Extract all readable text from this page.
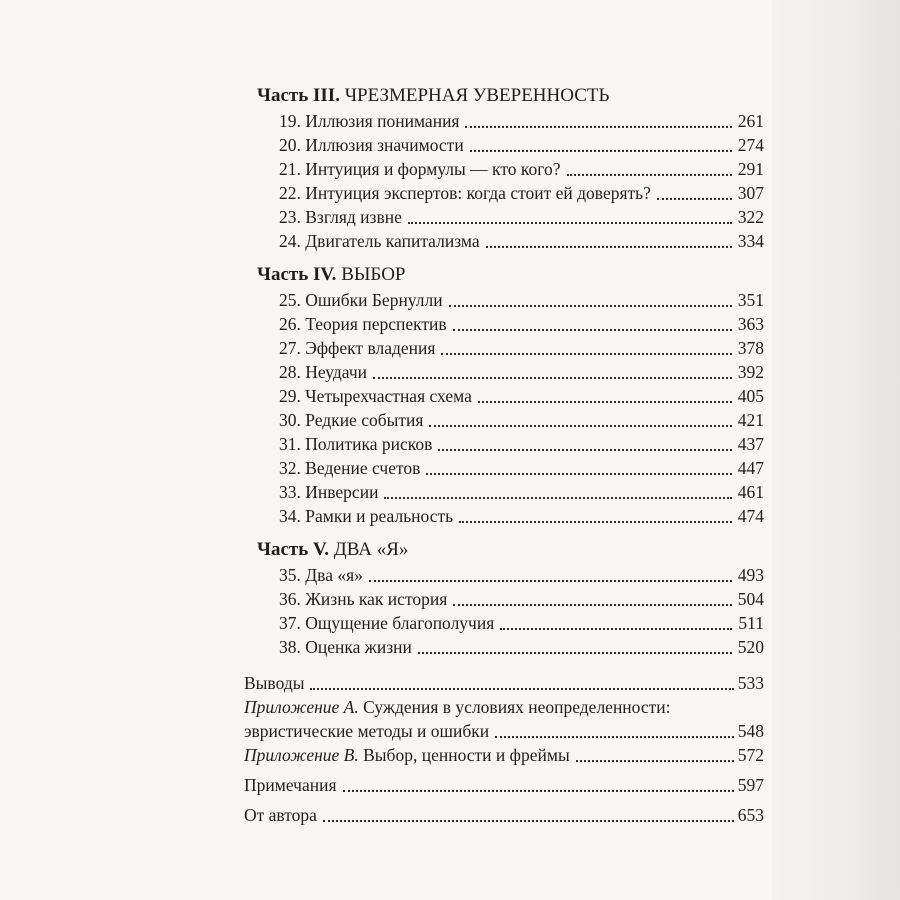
Часть III. ЧРЕЗМЕРНАЯ УВЕРЕННОСТЬ
19. Иллюзия понимания	261
20. Иллюзия значимости	274
21. Интуиция и формулы — кто кого?	291
22. Интуиция экспертов: когда стоит ей доверять?	307
23. Взгляд извне	322
24. Двигатель капитализма	334
Часть IV. ВЫБОР
25. Ошибки Бернулли	351
26. Теория перспектив	363
27. Эффект владения	378
28. Неудачи	392
29. Четырехчастная схема	405
30. Редкие события	421
31. Политика рисков	437
32. Ведение счетов	447
33. Инверсии	461
34. Рамки и реальность	474
Часть V. ДВА «Я»
35. Два «я»	493
36. Жизнь как история	504
37. Ощущение благополучия	511
38. Оценка жизни	520
Выводы	533
Приложение А. Суждения в условиях неопределенности:
эвристические методы и ошибки	548
Приложение В. Выбор, ценности и фреймы	572
Примечания	597
От автора	653
